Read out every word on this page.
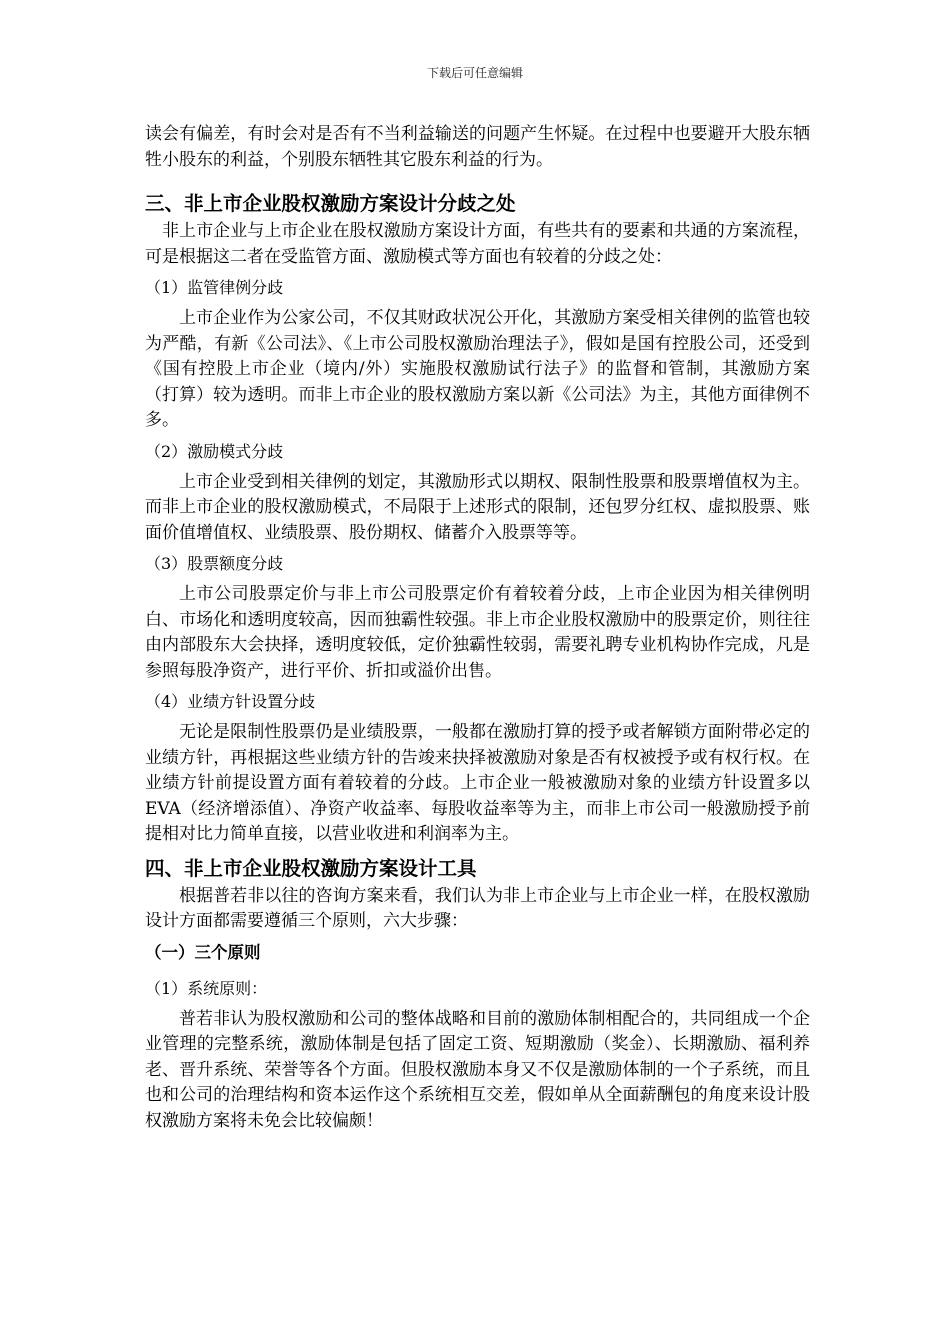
下载后可任意编辑

读会有偏差，有时会对是否有不当利益输送的问题产生怀疑。在过程中也要避开大股东牺牲小股东的利益，个别股东牺牲其它股东利益的行为。

三、非上市企业股权激励方案设计分歧之处

非上市企业与上市企业在股权激励方案设计方面，有些共有的要素和共通的方案流程，可是根据这二者在受监管方面、激励模式等方面也有较着的分歧之处：

（1）监管律例分歧

上市企业作为公家公司，不仅其财政状况公开化，其激励方案受相关律例的监管也较为严酷，有新《公司法》、《上市公司股权激励治理法子》，假如是国有控股公司，还受到《国有控股上市企业（境内/外）实施股权激励试行法子》的监督和管制，其激励方案（打算）较为透明。而非上市企业的股权激励方案以新《公司法》为主，其他方面律例不多。

（2）激励模式分歧

上市企业受到相关律例的划定，其激励形式以期权、限制性股票和股票增值权为主。而非上市企业的股权激励模式，不局限于上述形式的限制，还包罗分红权、虚拟股票、账面价值增值权、业绩股票、股份期权、储蓄介入股票等等。

（3）股票额度分歧

上市公司股票定价与非上市公司股票定价有着较着分歧，上市企业因为相关律例明白、市场化和透明度较高，因而独霸性较强。非上市企业股权激励中的股票定价，则往往由内部股东大会抉择，透明度较低，定价独霸性较弱，需要礼聘专业机构协作完成，凡是参照每股净资产，进行平价、折扣或溢价出售。

（4）业绩方针设置分歧

无论是限制性股票仍是业绩股票，一般都在激励打算的授予或者解锁方面附带必定的业绩方针，再根据这些业绩方针的告竣来抉择被激励对象是否有权被授予或有权行权。在业绩方针前提设置方面有着较着的分歧。上市企业一般被激励对象的业绩方针设置多以EVA（经济增添值）、净资产收益率、每股收益率等为主，而非上市公司一般激励授予前提相对比力简单直接，以营业收进和利润率为主。

四、非上市企业股权激励方案设计工具

根据普若非以往的咨询方案来看，我们认为非上市企业与上市企业一样，在股权激励设计方面都需要遵循三个原则，六大步骤：

（一）三个原则
（1）系统原则：

普若非认为股权激励和公司的整体战略和目前的激励体制相配合的，共同组成一个企业管理的完整系统，激励体制是包括了固定工资、短期激励（奖金）、长期激励、福利养老、晋升系统、荣誉等各个方面。但股权激励本身又不仅是激励体制的一个子系统，而且也和公司的治理结构和资本运作这个系统相互交差，假如单从全面薪酬包的角度来设计股权激励方案将未免会比较偏颇！
